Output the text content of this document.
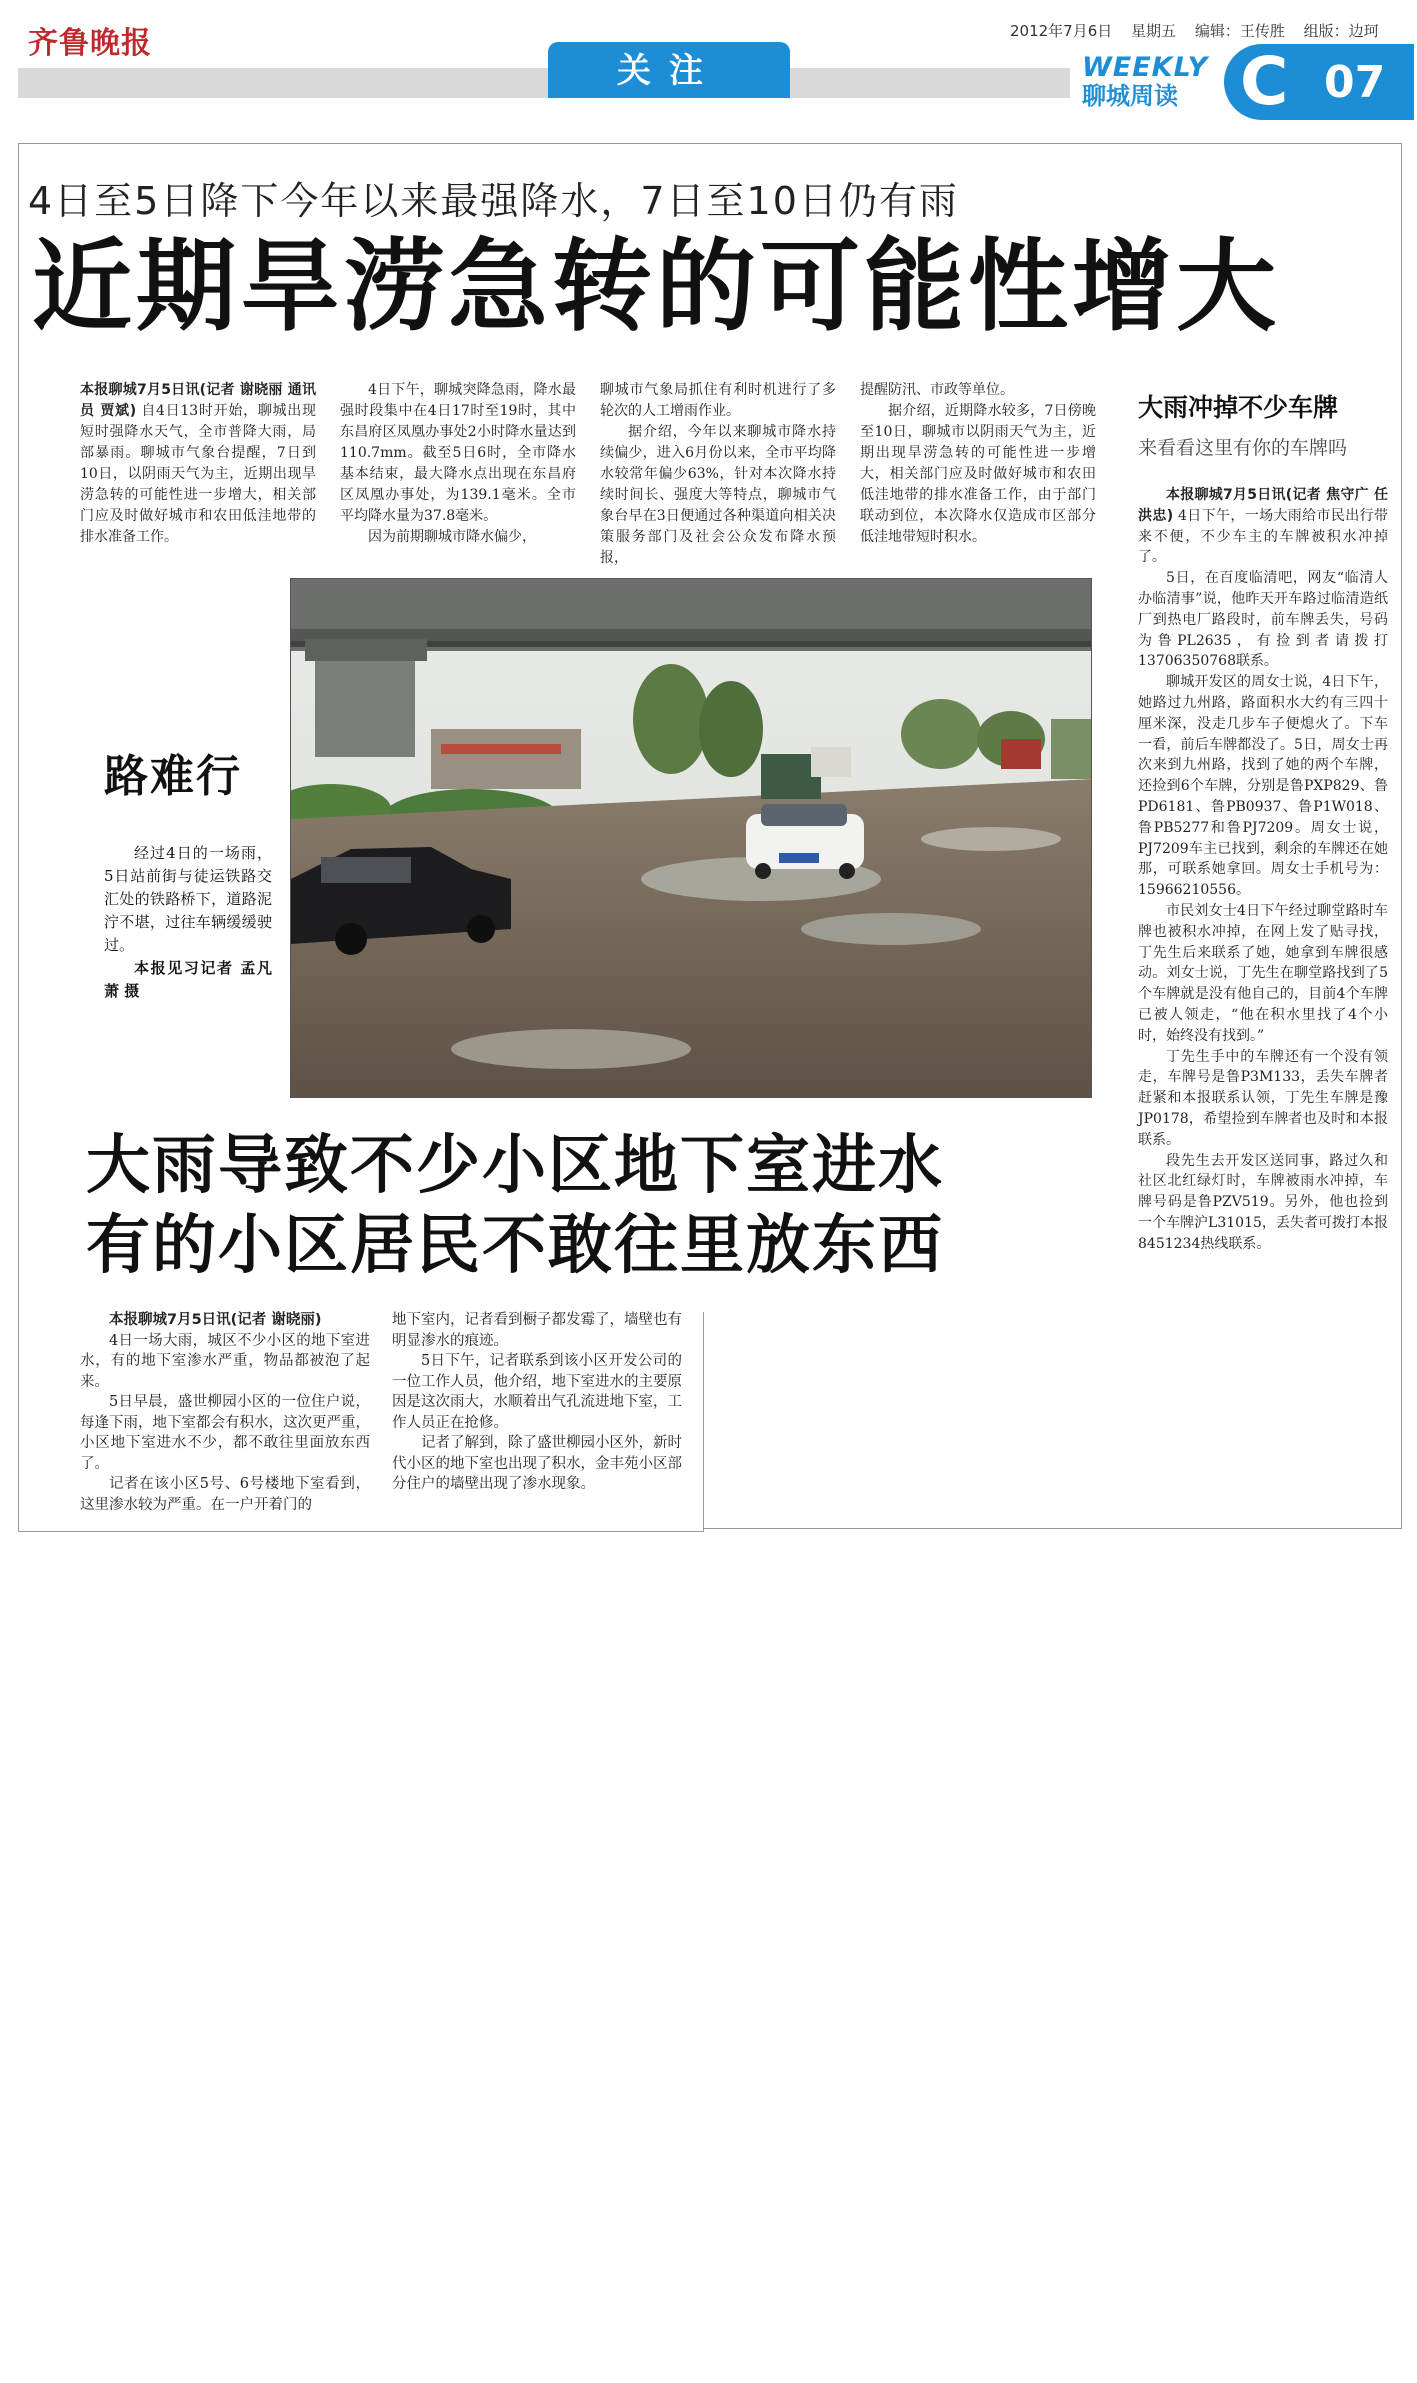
齐鲁晚报	2012年7月6日 星期五 编辑：王传胜 组版：边珂
关注	WEEKLY
聊城周读 C 07
4日至5日降下今年以来最强降水，7日至10日仍有雨
近期旱涝急转的可能性增大

本报聊城7月5日讯(记者 谢晓丽 通讯员 贾斌) 自4日13时开始，聊城出现短时强降水天气，全市普降大雨，局部暴雨。聊城市气象台提醒，7日到10日，以阴雨天气为主，近期出现旱涝急转的可能性进一步增大，相关部门应及时做好城市和农田低洼地带的排水准备工作。

4日下午，聊城突降急雨，降水最强时段集中在4日17时至19时，其中东昌府区凤凰办事处2小时降水量达到110.7mm。截至5日6时，全市降水基本结束，最大降水点出现在东昌府区凤凰办事处，为139.1毫米。全市平均降水量为37.8毫米。

因为前期聊城市降水偏少，

聊城市气象局抓住有利时机进行了多轮次的人工增雨作业。

据介绍，今年以来聊城市降水持续偏少，进入6月份以来，全市平均降水较常年偏少63%，针对本次降水持续时间长、强度大等特点，聊城市气象台早在3日便通过各种渠道向相关决策服务部门及社会公众发布降水预报，

提醒防汛、市政等单位。

据介绍，近期降水较多，7日傍晚至10日，聊城市以阴雨天气为主，近期出现旱涝急转的可能性进一步增大，相关部门应及时做好城市和农田低洼地带的排水准备工作，由于部门联动到位，本次降水仅造成市区部分低洼地带短时积水。

路难行
经过4日的一场雨，5日站前街与徒运铁路交汇处的铁路桥下，道路泥泞不堪，过往车辆缓缓驶过。
本报见习记者 孟凡萧 摄
大雨冲掉不少车牌
来看看这里有你的车牌吗

本报聊城7月5日讯(记者 焦守广 任洪忠) 4日下午，一场大雨给市民出行带来不便，不少车主的车牌被积水冲掉了。

5日，在百度临清吧，网友“临清人办临清事”说，他昨天开车路过临清造纸厂到热电厂路段时，前车牌丢失，号码为鲁PL2635，有捡到者请拨打13706350768联系。

聊城开发区的周女士说，4日下午，她路过九州路，路面积水大约有三四十厘米深，没走几步车子便熄火了。下车一看，前后车牌都没了。5日，周女士再次来到九州路，找到了她的两个车牌，还捡到6个车牌，分别是鲁PXP829、鲁PD6181、鲁PB0937、鲁P1W018、鲁PB5277和鲁PJ7209。周女士说，PJ7209车主已找到，剩余的车牌还在她那，可联系她拿回。周女士手机号为：15966210556。

市民刘女士4日下午经过聊堂路时车牌也被积水冲掉，在网上发了贴寻找，丁先生后来联系了她，她拿到车牌很感动。刘女士说，丁先生在聊堂路找到了5个车牌就是没有他自己的，目前4个车牌已被人领走，“他在积水里找了4个小时，始终没有找到。”

丁先生手中的车牌还有一个没有领走，车牌号是鲁P3M133，丢失车牌者赶紧和本报联系认领，丁先生车牌是豫JP0178，希望捡到车牌者也及时和本报联系。

段先生去开发区送同事，路过久和社区北红绿灯时，车牌被雨水冲掉，车牌号码是鲁PZV519。另外，他也捡到一个车牌沪L31015，丢失者可拨打本报8451234热线联系。

大雨导致不少小区地下室进水
有的小区居民不敢往里放东西

本报聊城7月5日讯(记者 谢晓丽)

4日一场大雨，城区不少小区的地下室进水，有的地下室渗水严重，物品都被泡了起来。

5日早晨，盛世柳园小区的一位住户说，每逢下雨，地下室都会有积水，这次更严重，小区地下室进水不少，都不敢往里面放东西了。

记者在该小区5号、6号楼地下室看到，这里渗水较为严重。在一户开着门的

地下室内，记者看到橱子都发霉了，墙壁也有明显渗水的痕迹。

5日下午，记者联系到该小区开发公司的一位工作人员，他介绍，地下室进水的主要原因是这次雨大，水顺着出气孔流进地下室，工作人员正在抢修。

记者了解到，除了盛世柳园小区外，新时代小区的地下室也出现了积水，金丰苑小区部分住户的墙壁出现了渗水现象。
